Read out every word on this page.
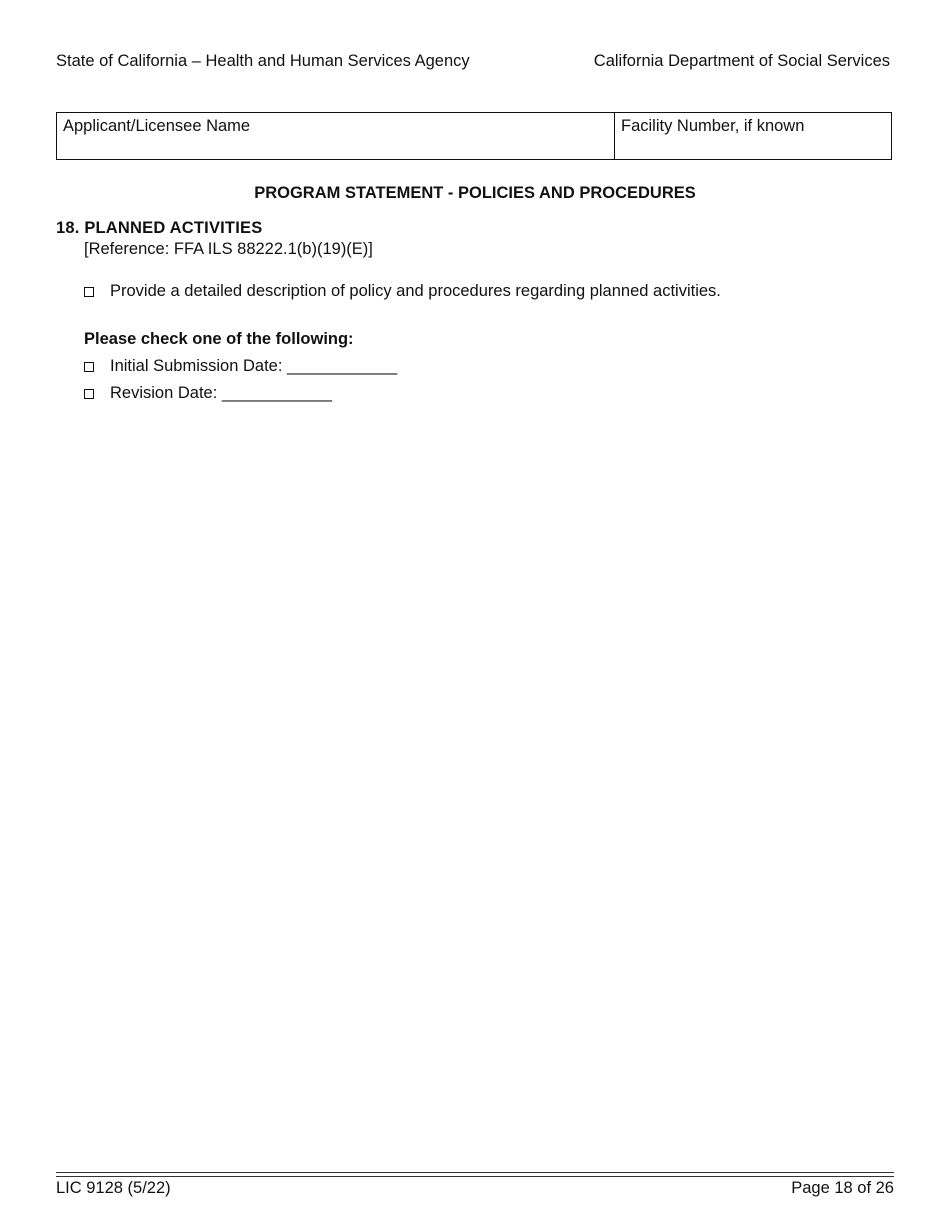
State of California – Health and Human Services Agency	California Department of Social Services
Applicant/Licensee Name	Facility Number, if known
PROGRAM STATEMENT - POLICIES AND PROCEDURES
18. PLANNED ACTIVITIES
[Reference: FFA ILS 88222.1(b)(19)(E)]
Provide a detailed description of policy and procedures regarding planned activities.
Please check one of the following:
Initial Submission Date: ____________
Revision Date: ____________
LIC 9128 (5/22)	Page 18 of 26
